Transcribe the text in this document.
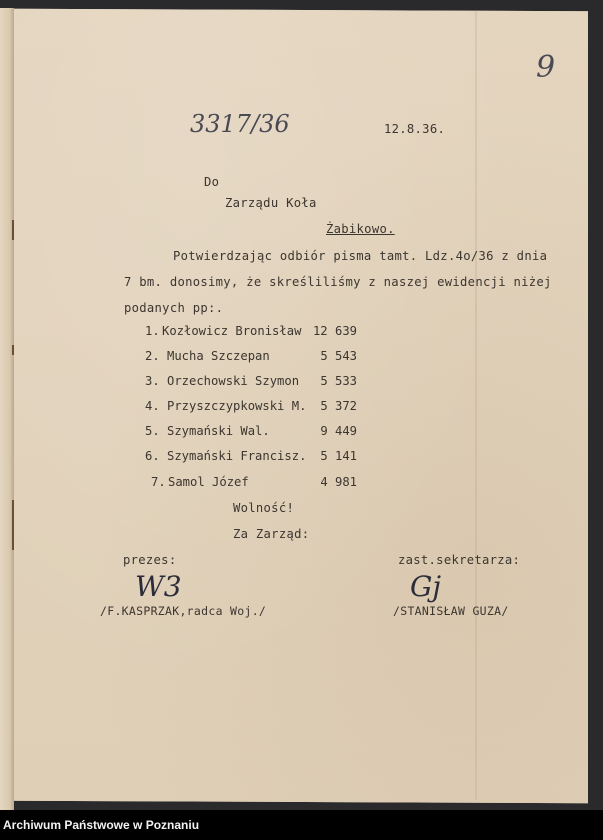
9
3317/36	12.8.36.
Do
Zarządu Koła
Żabikowo.
Potwierdzając odbiór pisma tamt. Ldz.4o/36 z dnia
7 bm. donosimy, że skreśliliśmy z naszej ewidencji niżej
podanych pp:.
1. Kozłowicz Bronisław 12 639
2. Mucha Szczepan	5 543
3. Orzechowski Szymon	5 533
4. Przyszczypkowski M.	5 372
5. Szymański Wal.	9 449
6. Szymański Francisz.	5 141
7. Samol Józef	4 981
Wolność!
Za Zarząd:
prezes:	zast.sekretarza:
W3	Gj
/F.KASPRZAK,radca Woj./	/STANISŁAW GUZA/
Archiwum Państwowe w Poznaniu
